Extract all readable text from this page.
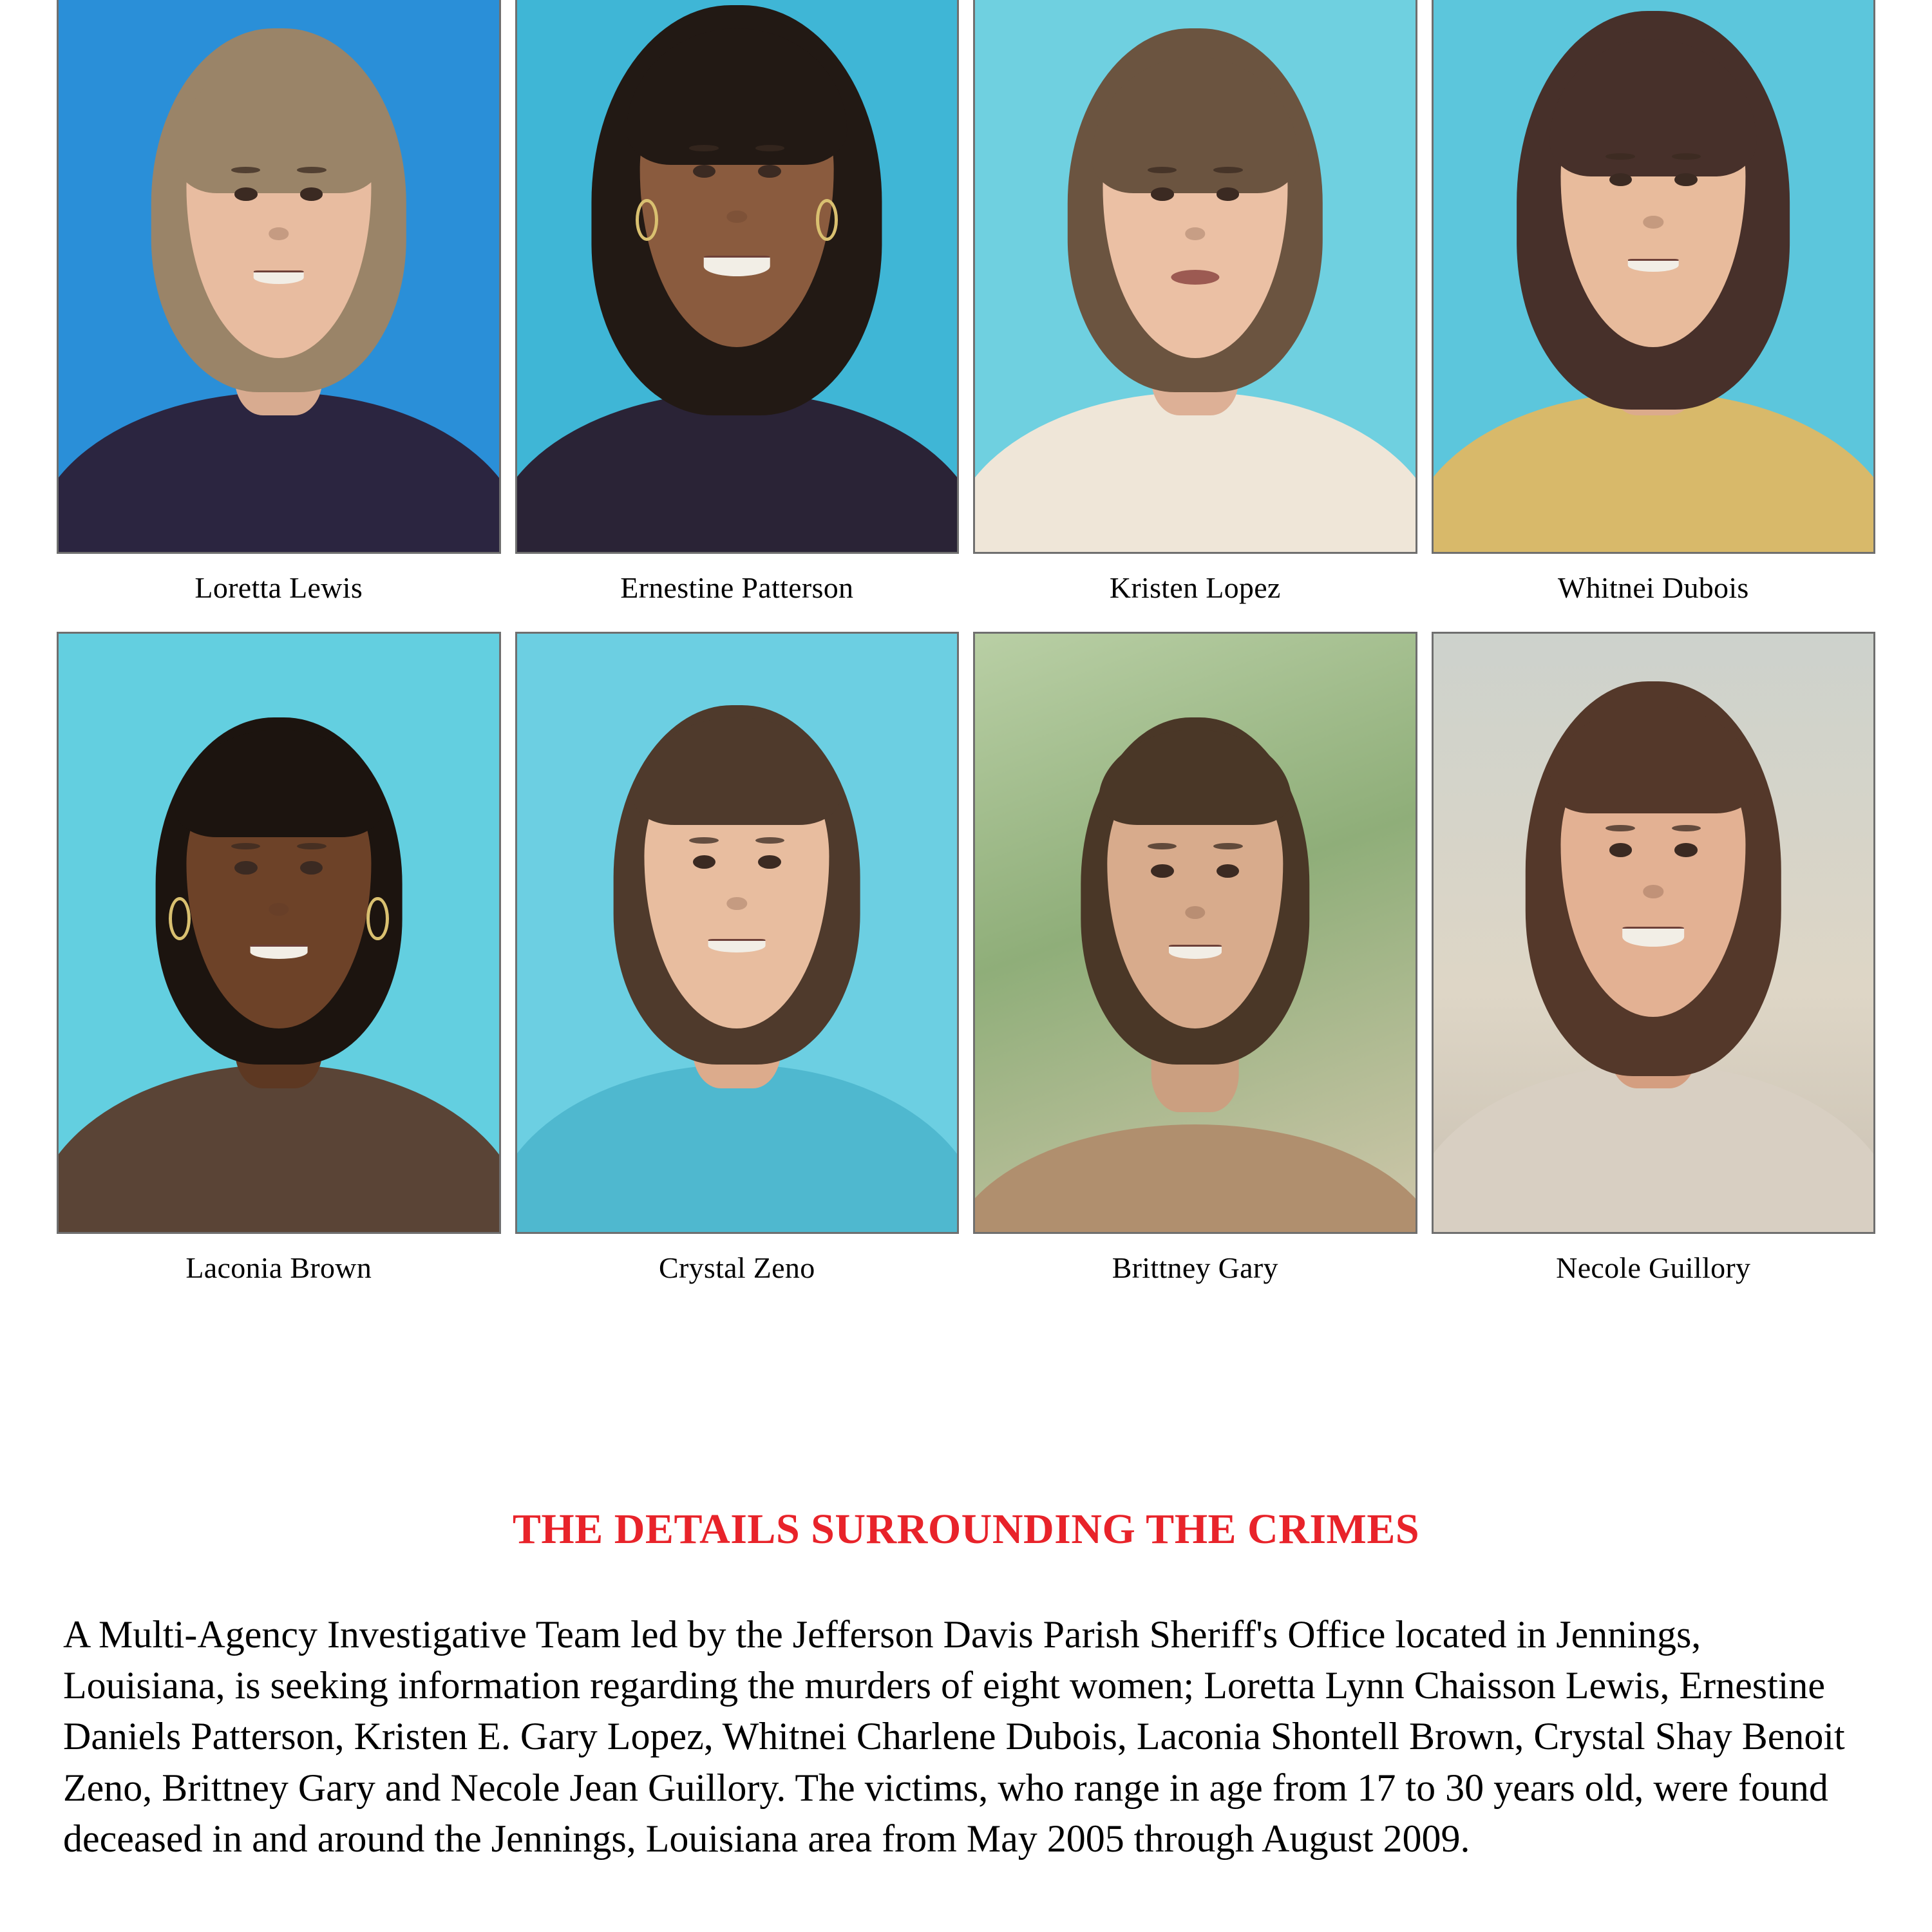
Loretta Lewis	Ernestine Patterson	Kristen Lopez	Whitnei Dubois
Laconia Brown	Crystal Zeno	Brittney Gary	Necole Guillory
THE DETAILS SURROUNDING THE CRIMES
A Multi-Agency Investigative Team led by the Jefferson Davis Parish Sheriff's Office located in Jennings, Louisiana, is seeking information regarding the murders of eight women; Loretta Lynn Chaisson Lewis, Ernestine Daniels Patterson, Kristen E. Gary Lopez, Whitnei Charlene Dubois, Laconia Shontell Brown, Crystal Shay Benoit Zeno, Brittney Gary and Necole Jean Guillory. The victims, who range in age from 17 to 30 years old, were found deceased in and around the Jennings, Louisiana area from May 2005 through August 2009.
